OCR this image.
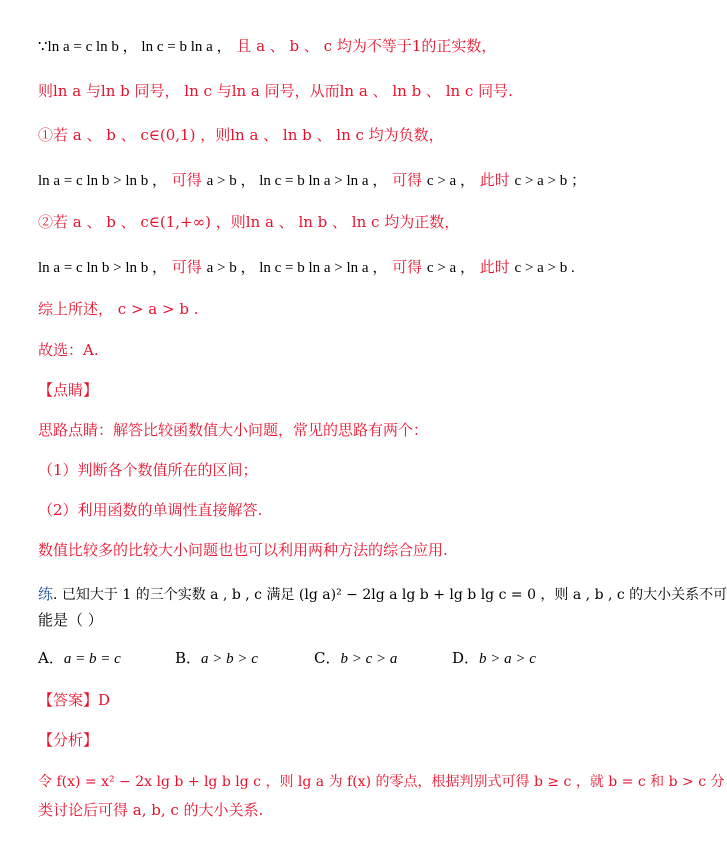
∵ln a = c ln b ， ln c = b ln a ， 且 a 、 b 、 c 均为不等于1的正实数，
则ln a 与ln b 同号， ln c 与ln a 同号，从而ln a 、 ln b 、 ln c 同号.
①若 a 、 b 、 c∈(0,1) ，则ln a 、 ln b 、 ln c 均为负数，
ln a = c ln b > ln b ， 可得 a > b ， ln c = b ln a > ln a ， 可得 c > a ， 此时 c > a > b ；
②若 a 、 b 、 c∈(1,+∞) ，则ln a 、 ln b 、 ln c 均为正数，
ln a = c ln b > ln b ， 可得 a > b ， ln c = b ln a > ln a ， 可得 c > a ， 此时 c > a > b .
综上所述， c > a > b .
故选：A.
【点睛】
思路点睛：解答比较函数值大小问题，常见的思路有两个：
（1）判断各个数值所在的区间；
（2）利用函数的单调性直接解答.
数值比较多的比较大小问题也也可以利用两种方法的综合应用.
练. 已知大于 1 的三个实数 a , b , c 满足 (lg a)² − 2lg a lg b + lg b lg c = 0 ，则 a , b , c 的大小关系不可
能是（ ）
A．a = b = c	B．a > b > c	C．b > c > a	D．b > a > c
【答案】D
【分析】
令 f(x) = x² − 2x lg b + lg b lg c ，则 lg a 为 f(x) 的零点，根据判别式可得 b ≥ c ，就 b = c 和 b > c 分
类讨论后可得 a, b, c 的大小关系.
